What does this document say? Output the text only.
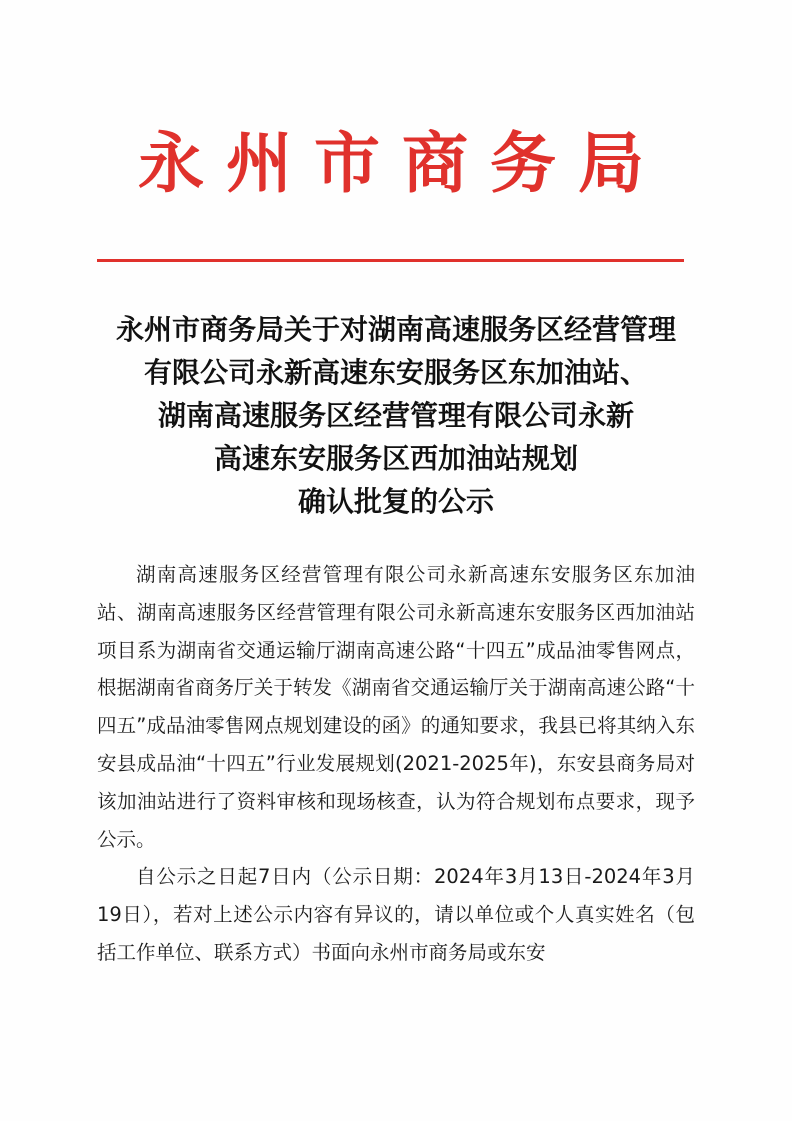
永州市商务局
永州市商务局关于对湖南高速服务区经营管理
有限公司永新高速东安服务区东加油站、
湖南高速服务区经营管理有限公司永新
高速东安服务区西加油站规划
确认批复的公示

湖南高速服务区经营管理有限公司永新高速东安服务区东加油站、湖南高速服务区经营管理有限公司永新高速东安服务区西加油站项目系为湖南省交通运输厅湖南高速公路“十四五”成品油零售网点，根据湖南省商务厅关于转发《湖南省交通运输厅关于湖南高速公路“十四五”成品油零售网点规划建设的函》的通知要求，我县已将其纳入东安县成品油“十四五”行业发展规划(2021-2025年)，东安县商务局对该加油站进行了资料审核和现场核查，认为符合规划布点要求，现予公示。

自公示之日起7日内（公示日期：2024年3月13日-2024年3月19日），若对上述公示内容有异议的，请以单位或个人真实姓名（包括工作单位、联系方式）书面向永州市商务局或东安
